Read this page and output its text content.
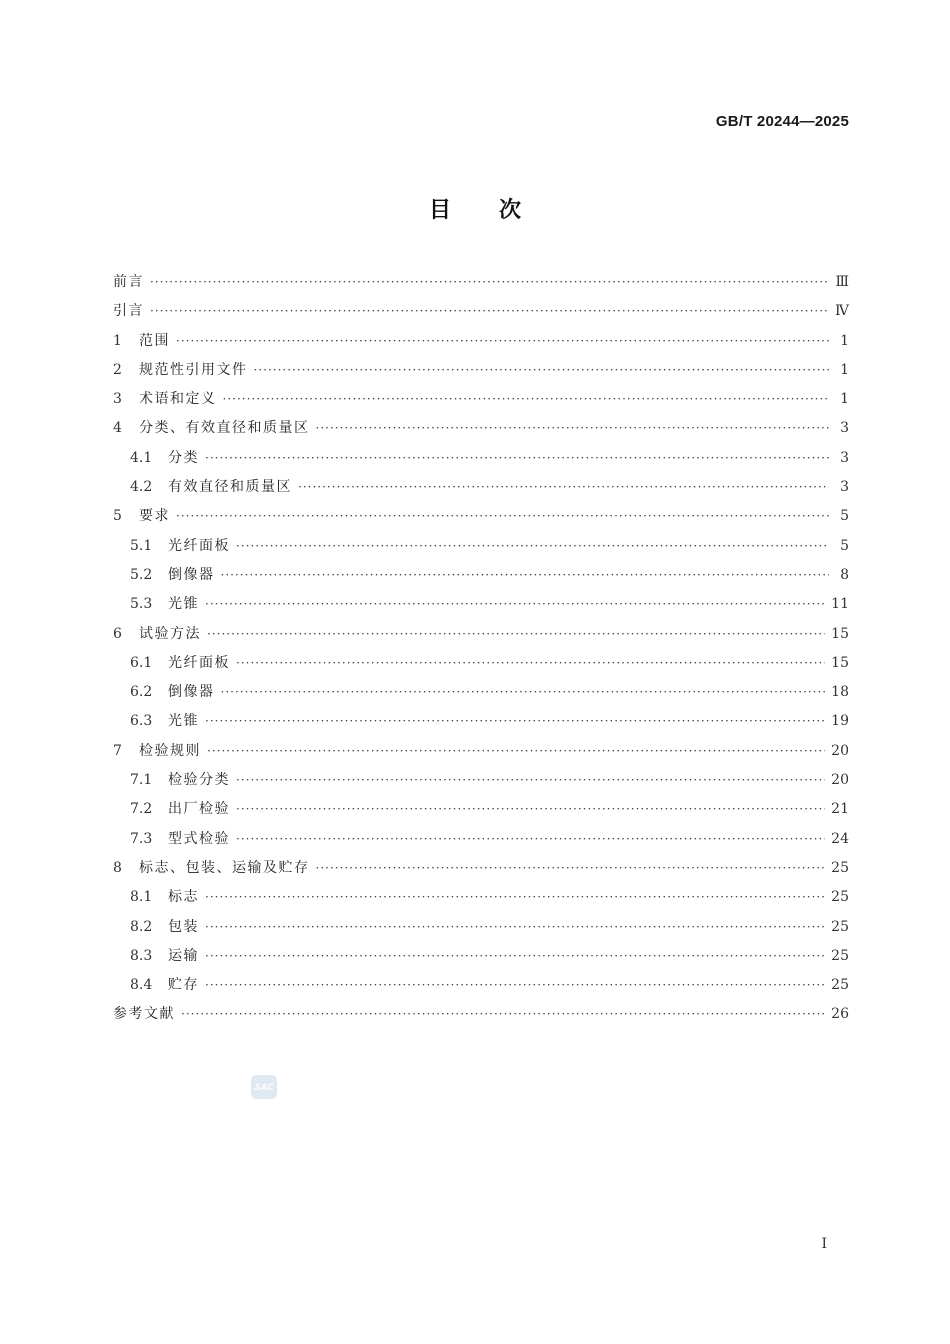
GB/T 20244—2025
目次
前言 ·····	Ⅲ
引言 ·····	Ⅳ
1	范围 ·····	1
2	规范性引用文件 ·····	1
3	术语和定义 ·····	1
4	分类、有效直径和质量区 ·····	3
4.1	分类 ·····	3
4.2	有效直径和质量区 ·····	3
5	要求 ·····	5
5.1	光纤面板 ·····	5
5.2	倒像器 ·····	8
5.3	光锥 ·····	11
6	试验方法 ·····	15
6.1	光纤面板 ·····	15
6.2	倒像器 ·····	18
6.3	光锥 ·····	19
7	检验规则 ·····	20
7.1	检验分类 ·····	20
7.2	出厂检验 ·····	21
7.3	型式检验 ·····	24
8	标志、包装、运输及贮存 ·····	25
8.1	标志 ·····	25
8.2	包装 ·····	25
8.3	运输 ·····	25
8.4	贮存 ·····	25
参考文献 ·····	26
SAC
Ⅰ
